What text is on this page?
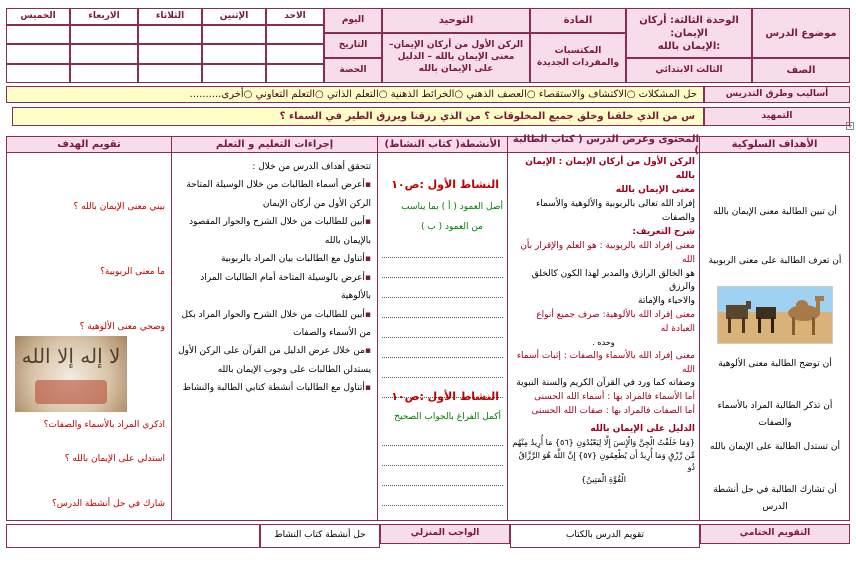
موضوع الدرس
الصف
الوحدة الثالثة: أركان الإيمان:
:الإيمان بالله
الثالث الابتدائي
المادة
المكتسبات والمفردات الجديدة
التوحيد
الركن الأول من أركان الإيمان– معنى الإيمان بالله – الدليل على الإيمان بالله
اليوم
التاريخ
الحصة
الاحد
الإثنين
الثلاثاء
الاربعاء
الخميس
أساليب وطرق التدريس
حل المشكلات ○الاكتشاف والاستقصاء ○العصف الذهني ○الخرائط الذهنية ○التعلم الذاتي ○التعلم التعاوني ○أخرى..........
التمهيد
س من الذي خلقنا وخلق جميع المخلوقات ؟ من الذي رزقنا ويرزق الطير في السماء ؟
+
الأهداف السلوكية
أن تبين الطالبة معنى الإيمان بالله
أن تعرف الطالبة على معنى الربوبية
أن توضح الطالبة معنى الألوهية
أن تذكر الطالبة المراد بالأسماء والصفات
أن تستدل الطالبة على الإيمان بالله
أن تشارك الطالبة في حل أنشطة الدرس
المحتوى وعرض الدرس ( كتاب الطالبة )
الركن الأول من أركان الإيمان : الإيمان بالله
معنى الإيمان بالله
إفراد الله تعالى بالربوبية والألوهية والأسماء والصفات
شرح التعريف:
معنى إفراد الله بالربوبية : هو العلم والإقرار بأن الله
هو الخالق الرازق والمدبر لهذا الكون كالخلق والرزق
والاحياء والإماتة
معنى إفراد الله بالألوهية: صرف جميع أنواع العبادة له
وحده .
معنى إفراد الله بالأسماء والصفات : إثبات أسماء الله
وصفاته كما ورد في القرآن الكريم والسنة النبوية
أما الأسماء فالمراد بها : أسماء الله الحسنى
أما الصفات فالمراد بها : صفات الله الحسنى
الدليل على الإيمان بالله
{وَمَا خَلَقْتُ الْجِنَّ وَالْإِنسَ إِلَّا لِيَعْبُدُونِ {٥٦} مَا أُرِيدُ مِنْهُم
مِّن رِّزْقٍ وَمَا أُرِيدُ أَن يُطْعِمُونِ {٥٧} إِنَّ اللَّهَ هُوَ الرَّزَّاقُ ذُو
الْقُوَّةِ الْمَتِينُ}
الأنشطة( كتاب النشاط)
النشاط الأول :ص١٠
أصل العمود ( أ ) بما يناسب
من العمود ( ب )
النشاط الأول :ص١٠
أكمل الفراغ بالجواب الصحيح
إجراءات التعليم و التعلم
تتحقق أهداف الدرس من خلال :
▪أعرض أسماء الطالبات من خلال الوسيلة المتاحة
الركن الأول من أركان الإيمان
▪أبين للطالبات من خلال الشرح والحوار المقصود بالإيمان بالله
▪أتناول مع الطالبات بيان المراد بالربوبية
▪أعرض بالوسيلة المتاحة أمام الطالبات المراد بالألوهية
▪أبين للطالبات من خلال الشرح والحوار المراد بكل من الأسماء والصفات
▪من خلال عرض الدليل من القرآن على الركن الأول يستدلن الطالبات على وجوب الإيمان بالله
▪أتناول مع الطالبات أنشطة كتابي الطالبة والنشاط
تقويم الهدف
بيني معنى الإيمان بالله ؟
ما معنى الربوبية؟
وضحي معنى الألوهية ؟
لا إله إلا الله
اذكري المراد بالأسماء والصفات؟
استدلي على الإيمان بالله ؟
شارك في حل أنشطة الدرس؟
التقويم الختامي
تقويم الدرس بالكتاب
الواجب المنزلي
حل أنشطة كتاب النشاط
